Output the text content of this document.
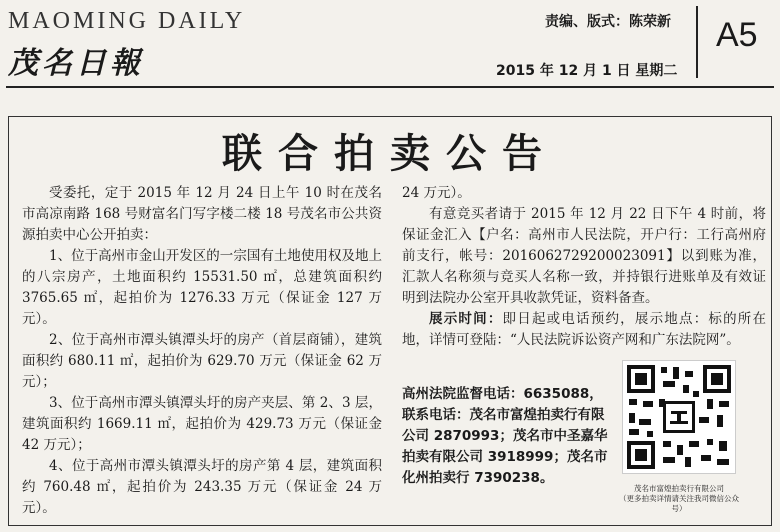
MAOMING DAILY
茂名日報
责编、版式：陈荣新
2015 年 12 月 1 日 星期二
A5
联合拍卖公告

受委托，定于 2015 年 12 月 24 日上午 10 时在茂名市高凉南路 168 号财富名门写字楼二楼 18 号茂名市公共资源拍卖中心公开拍卖：

1、位于高州市金山开发区的一宗国有土地使用权及地上的八宗房产，土地面积约 15531.50 ㎡，总建筑面积约 3765.65 ㎡，起拍价为 1276.33 万元（保证金 127 万元）。

2、位于高州市潭头镇潭头圩的房产（首层商铺），建筑面积约 680.11 ㎡，起拍价为 629.70 万元（保证金 62 万元）；

3、位于高州市潭头镇潭头圩的房产夹层、第 2、3 层，建筑面积约 1669.11 ㎡，起拍价为 429.73 万元（保证金 42 万元）；

4、位于高州市潭头镇潭头圩的房产第 4 层，建筑面积约 760.48 ㎡，起拍价为 243.35 万元（保证金 24 万元）。

24 万元）。

有意竞买者请于 2015 年 12 月 22 日下午 4 时前，将保证金汇入【户名：高州市人民法院，开户行：工行高州府前支行，帐号：2016062729200023091】以到账为准，汇款人名称须与竞买人名称一致，并持银行进账单及有效证明到法院办公室开具收款凭证，资料备查。

展示时间：即日起或电话预约，展示地点：标的所在地，详情可登陆：“人民法院诉讼资产网和广东法院网”。

高州法院监督电话：6635088，联系电话：茂名市富煌拍卖行有限公司 2870993；茂名市中圣嘉华拍卖有限公司 3918999；茂名市化州拍卖行 7390238。
茂名市富煌拍卖行有限公司
（更多拍卖详情请关注我司微信公众号）
